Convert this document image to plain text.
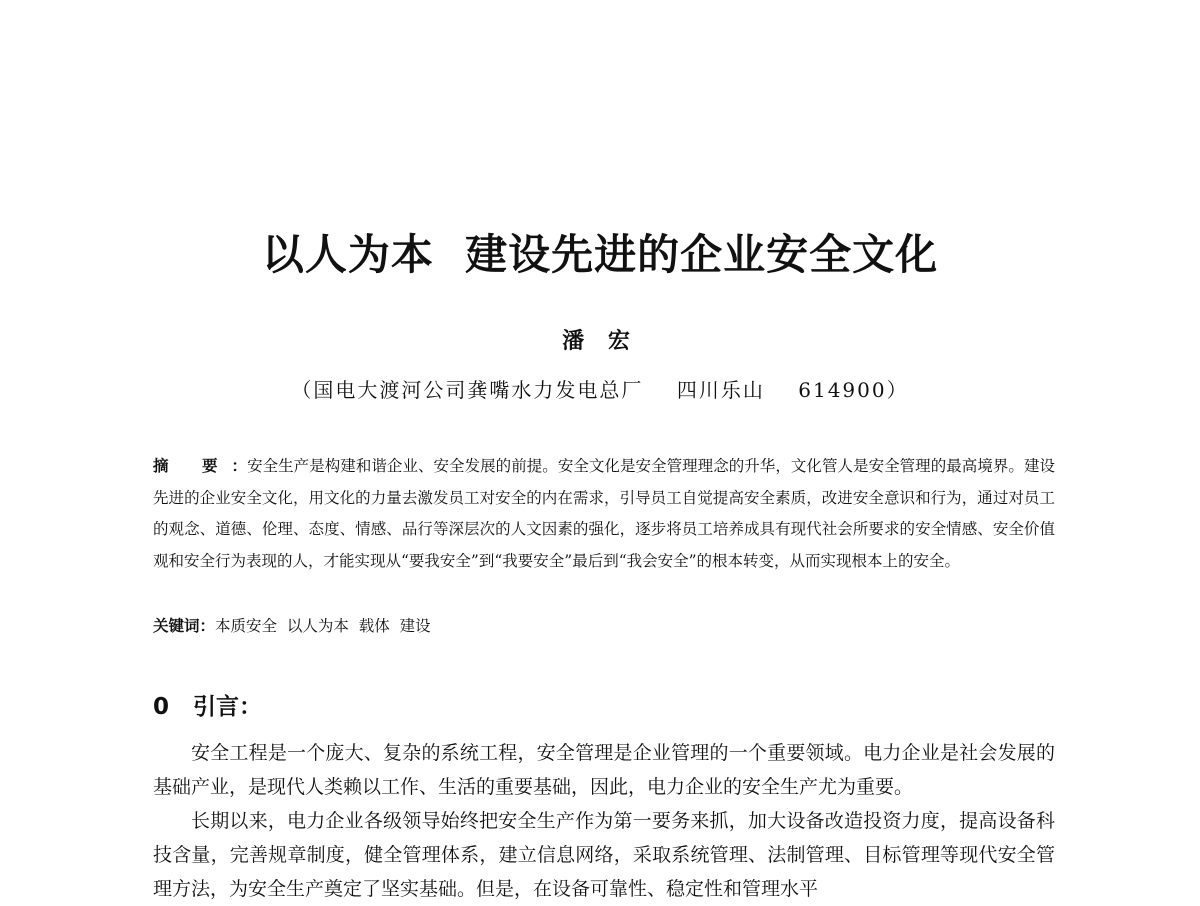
以人为本  建设先进的企业安全文化
潘 宏
（国电大渡河公司龚嘴水力发电总厂    四川乐山    614900）
摘 要：安全生产是构建和谐企业、安全发展的前提。安全文化是安全管理理念的升华，文化管人是安全管理的最高境界。建设先进的企业安全文化，用文化的力量去激发员工对安全的内在需求，引导员工自觉提高安全素质，改进安全意识和行为，通过对员工的观念、道德、伦理、态度、情感、品行等深层次的人文因素的强化，逐步将员工培养成具有现代社会所要求的安全情感、安全价值观和安全行为表现的人，才能实现从“要我安全”到“我要安全”最后到“我会安全”的根本转变，从而实现根本上的安全。
关键词：本质安全  以人为本  载体  建设
0 引言：

安全工程是一个庞大、复杂的系统工程，安全管理是企业管理的一个重要领域。电力企业是社会发展的基础产业，是现代人类赖以工作、生活的重要基础，因此，电力企业的安全生产尤为重要。

长期以来，电力企业各级领导始终把安全生产作为第一要务来抓，加大设备改造投资力度，提高设备科技含量，完善规章制度，健全管理体系，建立信息网络，采取系统管理、法制管理、目标管理等现代安全管理方法，为安全生产奠定了坚实基础。但是，在设备可靠性、稳定性和管理水平
